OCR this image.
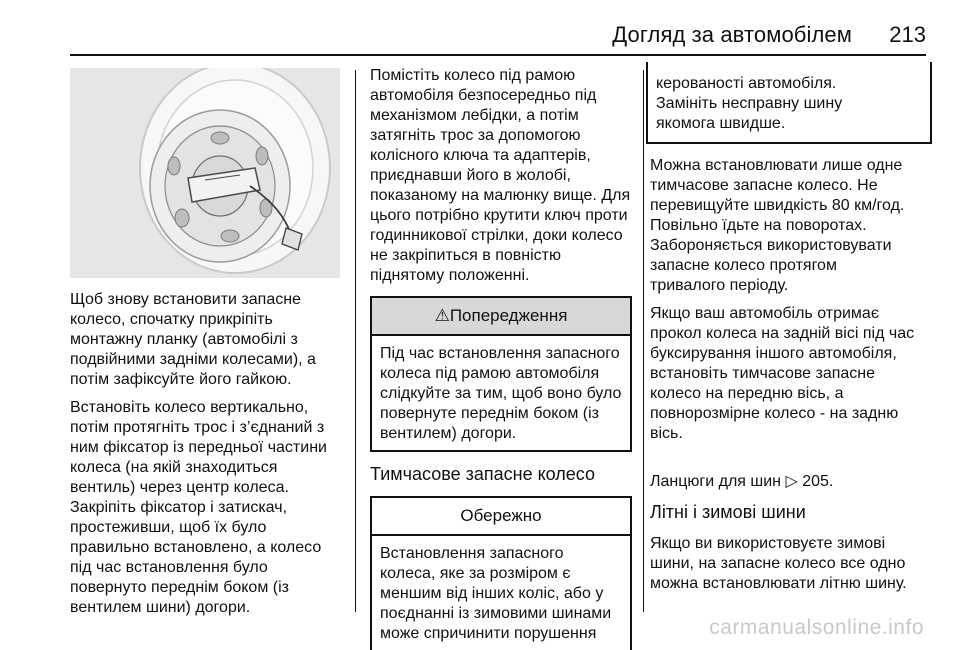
Догляд за автомобілем 213

Щоб знову встановити запасне
колесо, спочатку прикріпіть
монтажну планку (автомобілі з
подвійними задніми колесами), а
потім зафіксуйте його гайкою.

Встановіть колесо вертикально,
потім протягніть трос і з’єднаний з
ним фіксатор із передньої частини
колеса (на якій знаходиться
вентиль) через центр колеса.
Закріпіть фіксатор і затискач,
простеживши, щоб їх було
правильно встановлено, а колесо
під час встановлення було
повернуто переднім боком (із
вентилем шини) догори.

Помістіть колесо під рамою
автомобіля безпосередньо під
механізмом лебідки, а потім
затягніть трос за допомогою
колісного ключа та адаптерів,
приєднавши його в жолобі,
показаному на малюнку вище. Для
цього потрібно крутити ключ проти
годинникової стрілки, доки колесо
не закріпиться в повністю
піднятому положенні.

⚠Попередження
Під час встановлення запасного
колеса під рамою автомобіля
слідкуйте за тим, щоб воно було
повернуте переднім боком (із
вентилем) догори.
Тимчасове запасне колесо
Обережно
Встановлення запасного
колеса, яке за розміром є
меншим від інших коліс, або у
поєднанні із зимовими шинами
може спричинити порушення
керованості автомобіля.
Замініть несправну шину
якомога швидше.

Можна встановлювати лише одне
тимчасове запасне колесо. Не
перевищуйте швидкість 80 км/год.
Повільно їдьте на поворотах.
Забороняється використовувати
запасне колесо протягом
тривалого періоду.

Якщо ваш автомобіль отримає
прокол колеса на задній вісі під час
буксирування іншого автомобіля,
встановіть тимчасове запасне
колесо на передню вісь, а
повнорозмірне колесо - на задню
вісь.

Ланцюги для шин ▷ 205.

Літні і зимові шини

Якщо ви використовуєте зимові
шини, на запасне колесо все одно
можна встановлювати літню шину.

carmanualsonline.info
